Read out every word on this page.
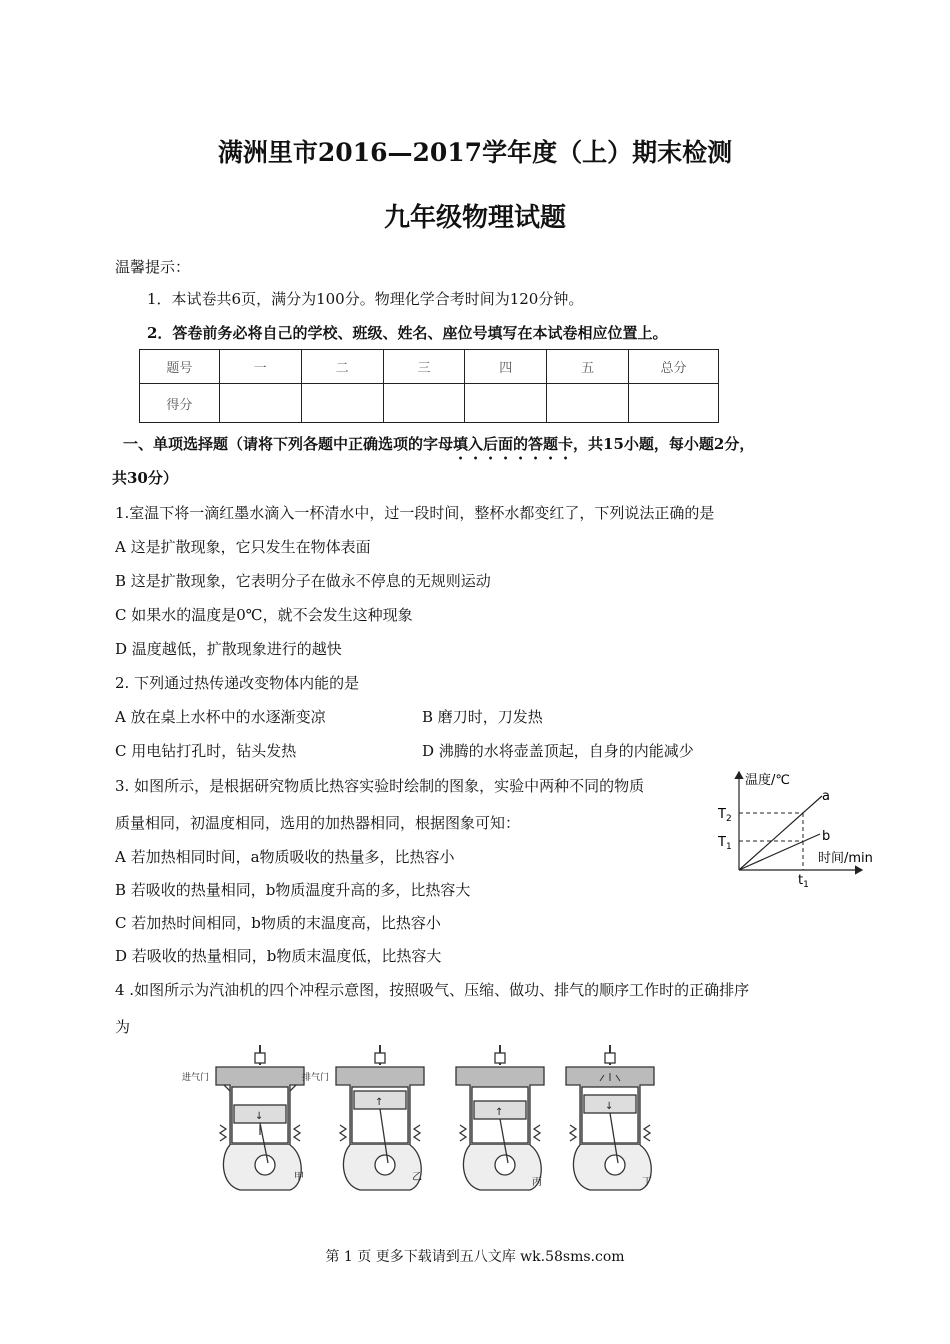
满洲里市2016—2017学年度（上）期末检测
九年级物理试题
温馨提示：
1．本试卷共6页，满分为100分。物理化学合考时间为120分钟。
2．答卷前务必将自己的学校、班级、姓名、座位号填写在本试卷相应位置上。
题号	一	二	三	四	五	总分
得分						
一、单项选择题（请将下列各题中正确选项的字母填入后面的答题卡，共15小题，每小题2分，
共30分）
1.室温下将一滴红墨水滴入一杯清水中，过一段时间，整杯水都变红了，下列说法正确的是
A 这是扩散现象，它只发生在物体表面
B 这是扩散现象，它表明分子在做永不停息的无规则运动
C 如果水的温度是0℃，就不会发生这种现象
D 温度越低，扩散现象进行的越快
2. 下列通过热传递改变物体内能的是
A 放在桌上水杯中的水逐渐变凉	B 磨刀时，刀发热
C 用电钻打孔时，钻头发热	D 沸腾的水将壶盖顶起，自身的内能减少
3. 如图所示，是根据研究物质比热容实验时绘制的图象，实验中两种不同的物质
质量相同，初温度相同，选用的加热器相同，根据图象可知：
A 若加热相同时间，a物质吸收的热量多，比热容小
B 若吸收的热量相同，b物质温度升高的多，比热容大
C 若加热时间相同，b物质的末温度高，比热容小
D 若吸收的热量相同，b物质末温度低，比热容大
温度/℃
时间/min
$T_2$
$T_1$
$t_1$
a
b
4 .如图所示为汽油机的四个冲程示意图，按照吸气、压缩、做功、排气的顺序工作时的正确排序
为
↓
↑
↑
↓
进气门	排气门
甲	乙	丙	丁
第 1 页 更多下载请到五八文库 wk.58sms.com
